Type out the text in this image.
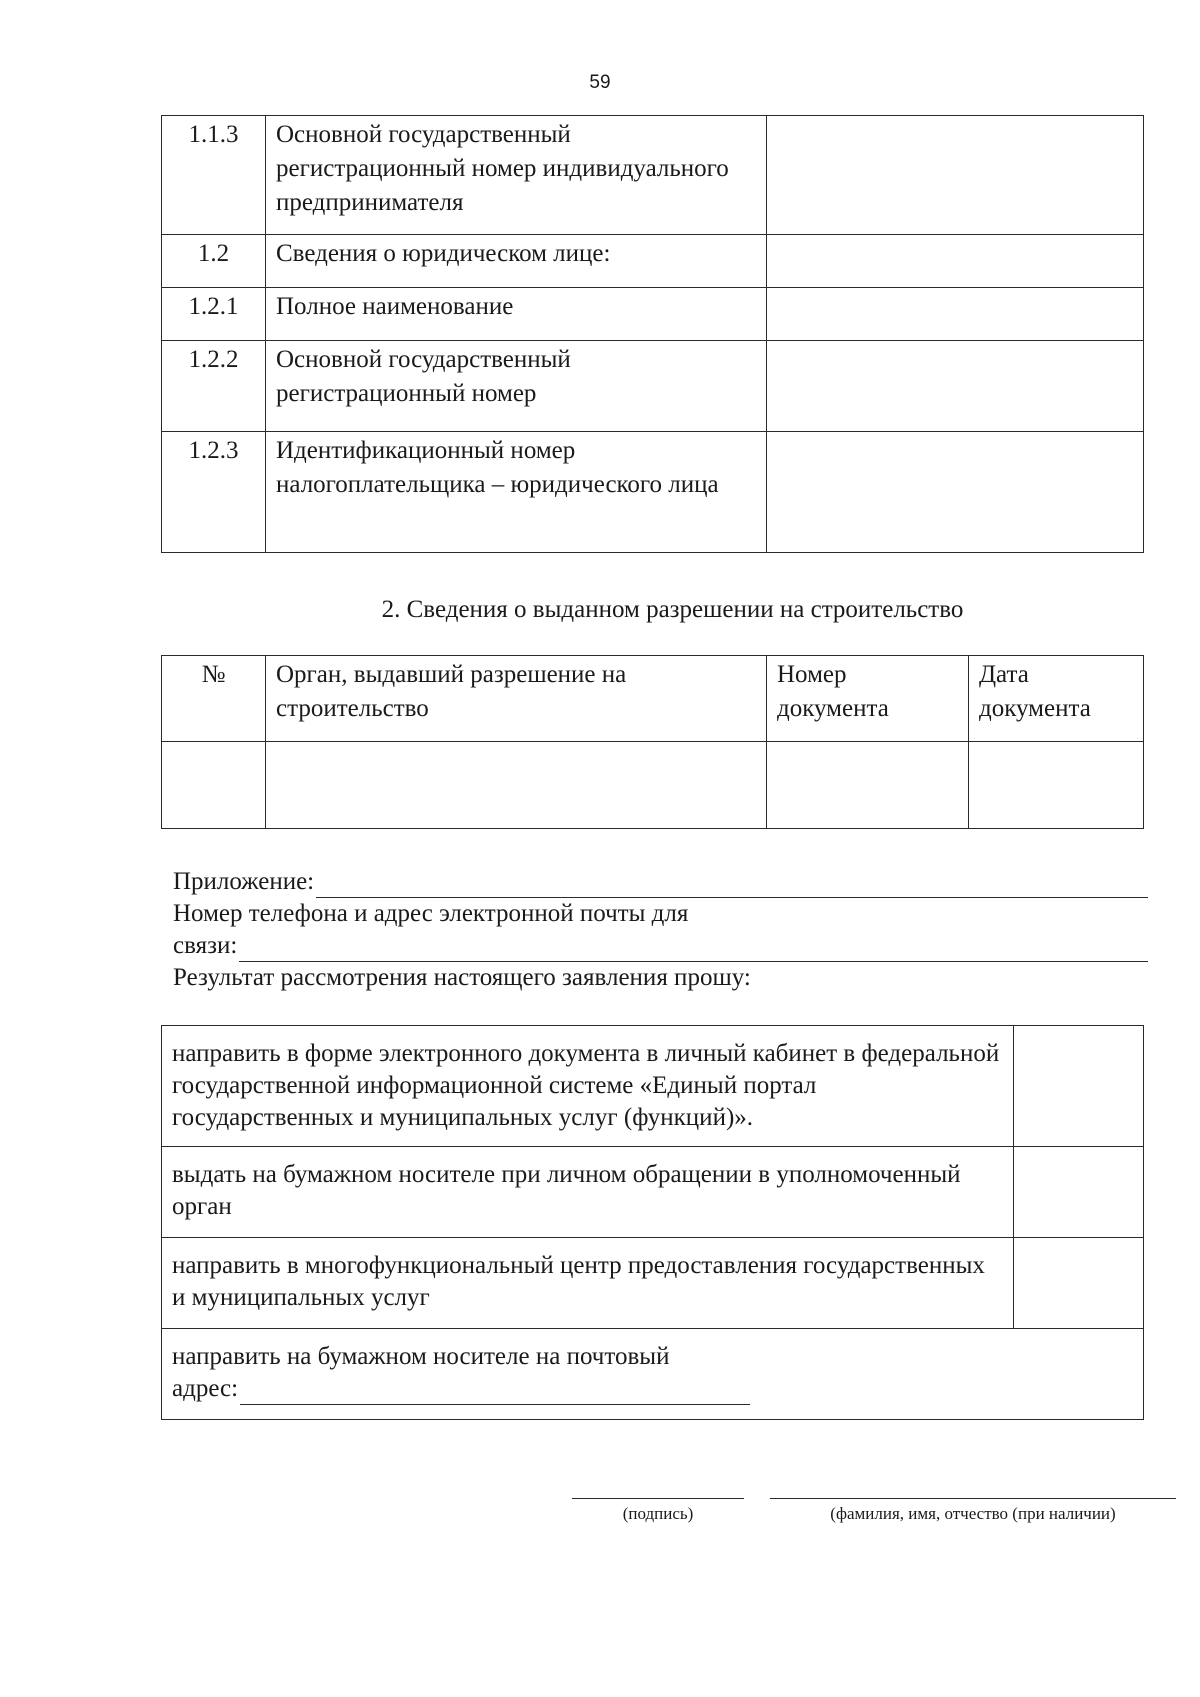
59
1.1.3	Основной государственный регистрационный номер индивидуального предпринимателя	
1.2	Сведения о юридическом лице:	
1.2.1	Полное наименование	
1.2.2	Основной государственный регистрационный номер	
1.2.3	Идентификационный номер налогоплательщика – юридического лица	
2. Сведения о выданном разрешении на строительство
№	Орган, выдавший разрешение на строительство	Номер документа	Дата документа

Приложение:
Номер телефона и адрес электронной почты для
связи:
Результат рассмотрения настоящего заявления прошу:
направить в форме электронного документа в личный кабинет в федеральной государственной информационной системе «Единый портал государственных и муниципальных услуг (функций)».	
выдать на бумажном носителе при личном обращении в уполномоченный орган	
направить в многофункциональный центр предоставления государственных и муниципальных услуг	

направить на бумажном носителе на почтовый
адрес:	
(подпись)	(фамилия, имя, отчество (при наличии)
